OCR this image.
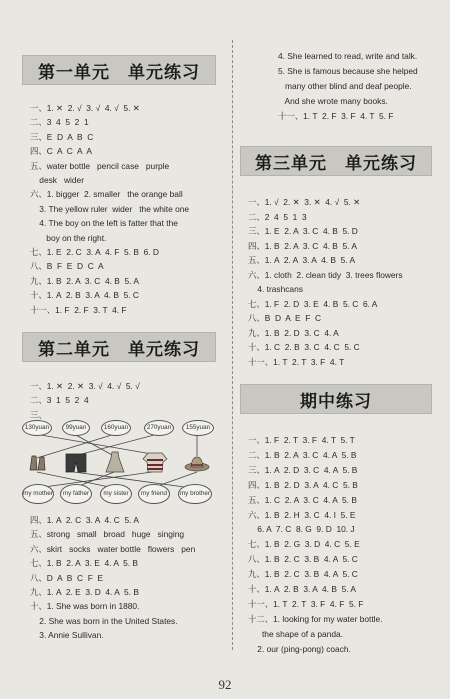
第一单元　单元练习
一、1. ✕  2. √  3. √  4. √  5. ✕
二、3  4  5  2  1
三、E  D  A  B  C
四、C  A  C  A  A
五、water bottle   pencil case   purple
desk   wider
六、1. bigger  2. smaller   the orange ball
3. The yellow ruler  wider   the white one
4. The boy on the left is fatter that the
boy on the right.
七、1. E  2. C  3. A  4. F  5. B  6. D
八、B  F  E  D  C  A
九、1. B  2. A  3. C  4. B  5. A
十、1. A  2. B  3. A  4. B  5. C
十一、1. F  2. F  3. T  4. F
第二单元　单元练习
一、1. ✕  2. ✕  3. √  4. √  5. √
二、3  1  5  2  4
三、
130yuan	99yuan	160yuan	270yuan	155yuan
my mother	my father	my sister	my friend	my brother
四、1. A  2. C  3. A  4. C  5. A
五、strong   small   broad   huge   singing
六、skirt   socks   water bottle   flowers   pen
七、1. B  2. A  3. E  4. A  5. B
八、D  A  B  C  F  E
九、1. A  2. E  3. D  4. A  5. B
十、1. She was born in 1880.
2. She was born in the United States.
3. Annie Sullivan.
4. She learned to read, write and talk.
5. She is famous because she helped
many other blind and deaf people.
And she wrote many books.
十一、1. T  2. F  3. F  4. T  5. F
第三单元　单元练习
一、1. √  2. ✕  3. ✕  4. √  5. ✕
二、2  4  5  1  3
三、1. E  2. A  3. C  4. B  5. D
四、1. B  2. A  3. C  4. B  5. A
五、1. A  2. A  3. A  4. B  5. A
六、1. cloth  2. clean tidy  3. trees flowers
4. trashcans
七、1. F  2. D  3. E  4. B  5. C  6. A
八、B  D  A  E  F  C
九、1. B  2. D  3. C  4. A
十、1. C  2. B  3. C  4. C  5. C
十一、1. T  2. T  3. F  4. T
期中练习
一、1. F  2. T  3. F  4. T  5. T
二、1. B  2. A  3. C  4. A  5. B
三、1. A  2. D  3. C  4. A  5. B
四、1. B  2. D  3. A  4. C  5. B
五、1. C  2. A  3. C  4. A  5. B
六、1. B  2. H  3. C  4. I  5. E
6. A  7. C  8. G  9. D  10. J
七、1. B  2. G  3. D  4. C  5. E
八、1. B  2. C  3. B  4. A  5. C
九、1. B  2. C  3. B  4. A  5. C
十、1. A  2. B  3. A  4. B  5. A
十一、1. T  2. T  3. F  4. F  5. F
十二、1. looking for my water bottle.
the shape of a panda.
2. our (ping-pong) coach.
92
